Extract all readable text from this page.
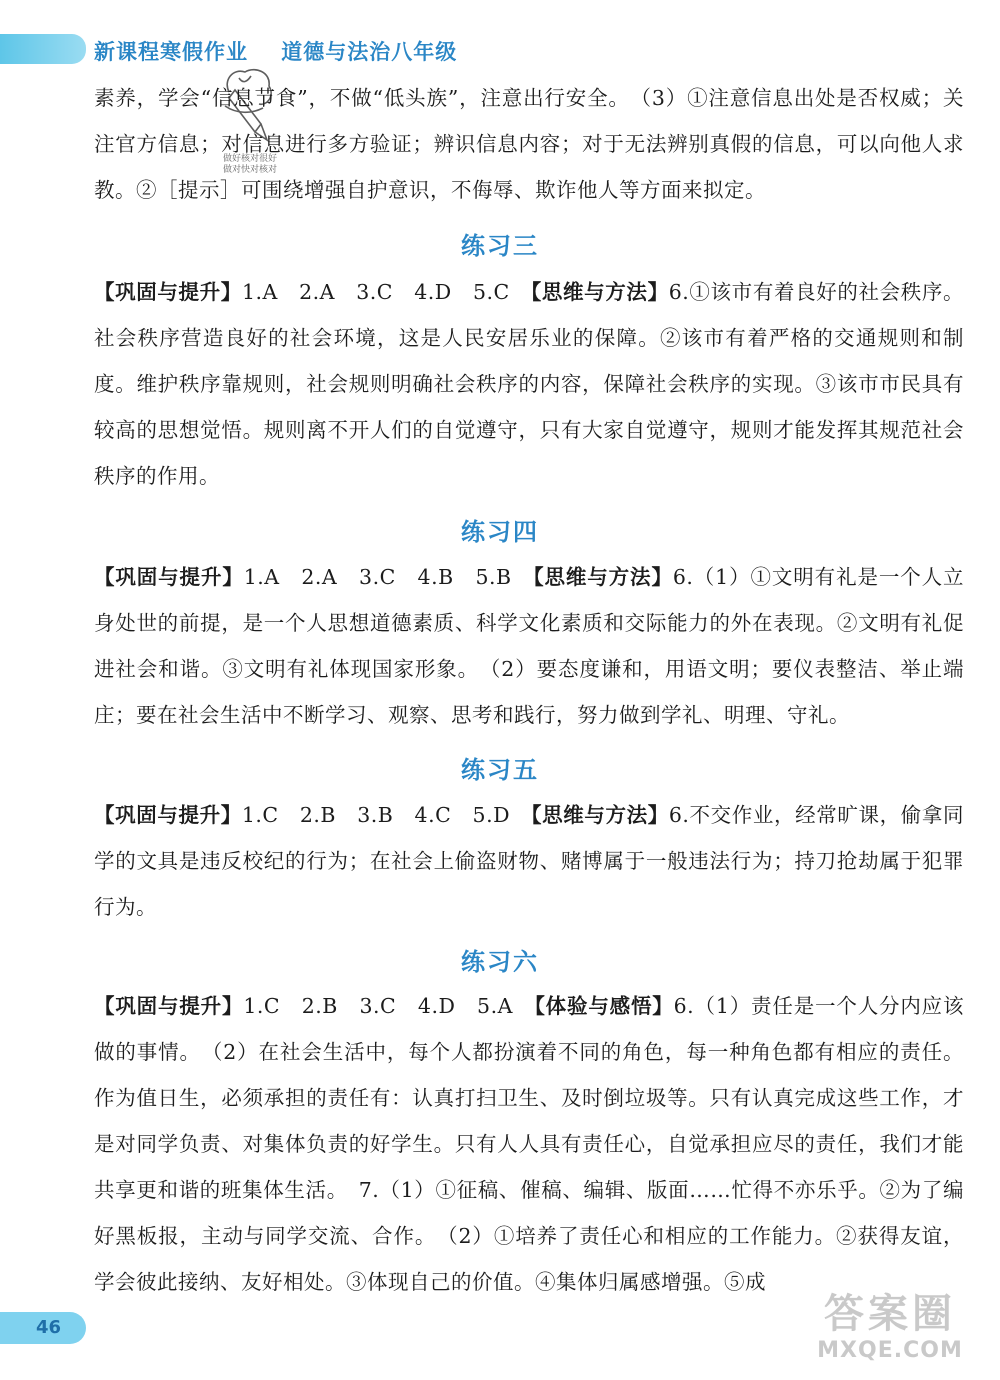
新课程寒假作业    道德与法治八年级
做好核对很好
做对快对核对
素养，学会“信息节食”，不做“低头族”，注意出行安全。　（3）①注意信息出处是否权威；关注官方信息；对信息进行多方验证；辨识信息内容；对于无法辨别真假的信息，可以向他人求教。②［提示］可围绕增强自护意识，不侮辱、欺诈他人等方面来拟定。
练习三
【巩固与提升】1.A　2.A　3.C　4.D　5.C　【思维与方法】6.①该市有着良好的社会秩序。社会秩序营造良好的社会环境，这是人民安居乐业的保障。②该市有着严格的交通规则和制度。维护秩序靠规则，社会规则明确社会秩序的内容，保障社会秩序的实现。③该市市民具有较高的思想觉悟。规则离不开人们的自觉遵守，只有大家自觉遵守，规则才能发挥其规范社会秩序的作用。
练习四
【巩固与提升】1.A　2.A　3.C　4.B　5.B　【思维与方法】6.（1）①文明有礼是一个人立身处世的前提，是一个人思想道德素质、科学文化素质和交际能力的外在表现。②文明有礼促进社会和谐。③文明有礼体现国家形象。　（2）要态度谦和，用语文明；要仪表整洁、举止端庄；要在社会生活中不断学习、观察、思考和践行，努力做到学礼、明理、守礼。
练习五
【巩固与提升】1.C　2.B　3.B　4.C　5.D　【思维与方法】6.不交作业，经常旷课，偷拿同学的文具是违反校纪的行为；在社会上偷盗财物、赌博属于一般违法行为；持刀抢劫属于犯罪行为。
练习六
【巩固与提升】1.C　2.B　3.C　4.D　5.A　【体验与感悟】6.（1）责任是一个人分内应该做的事情。　（2）在社会生活中，每个人都扮演着不同的角色，每一种角色都有相应的责任。作为值日生，必须承担的责任有：认真打扫卫生、及时倒垃圾等。只有认真完成这些工作，才是对同学负责、对集体负责的好学生。只有人人具有责任心，自觉承担应尽的责任，我们才能共享更和谐的班集体生活。　7.（1）①征稿、催稿、编辑、版面……忙得不亦乐乎。②为了编好黑板报，主动与同学交流、合作。　（2）①培养了责任心和相应的工作能力。②获得友谊，学会彼此接纳、友好相处。③体现自己的价值。④集体归属感增强。⑤成
46	答案圈
MXQE.COM
